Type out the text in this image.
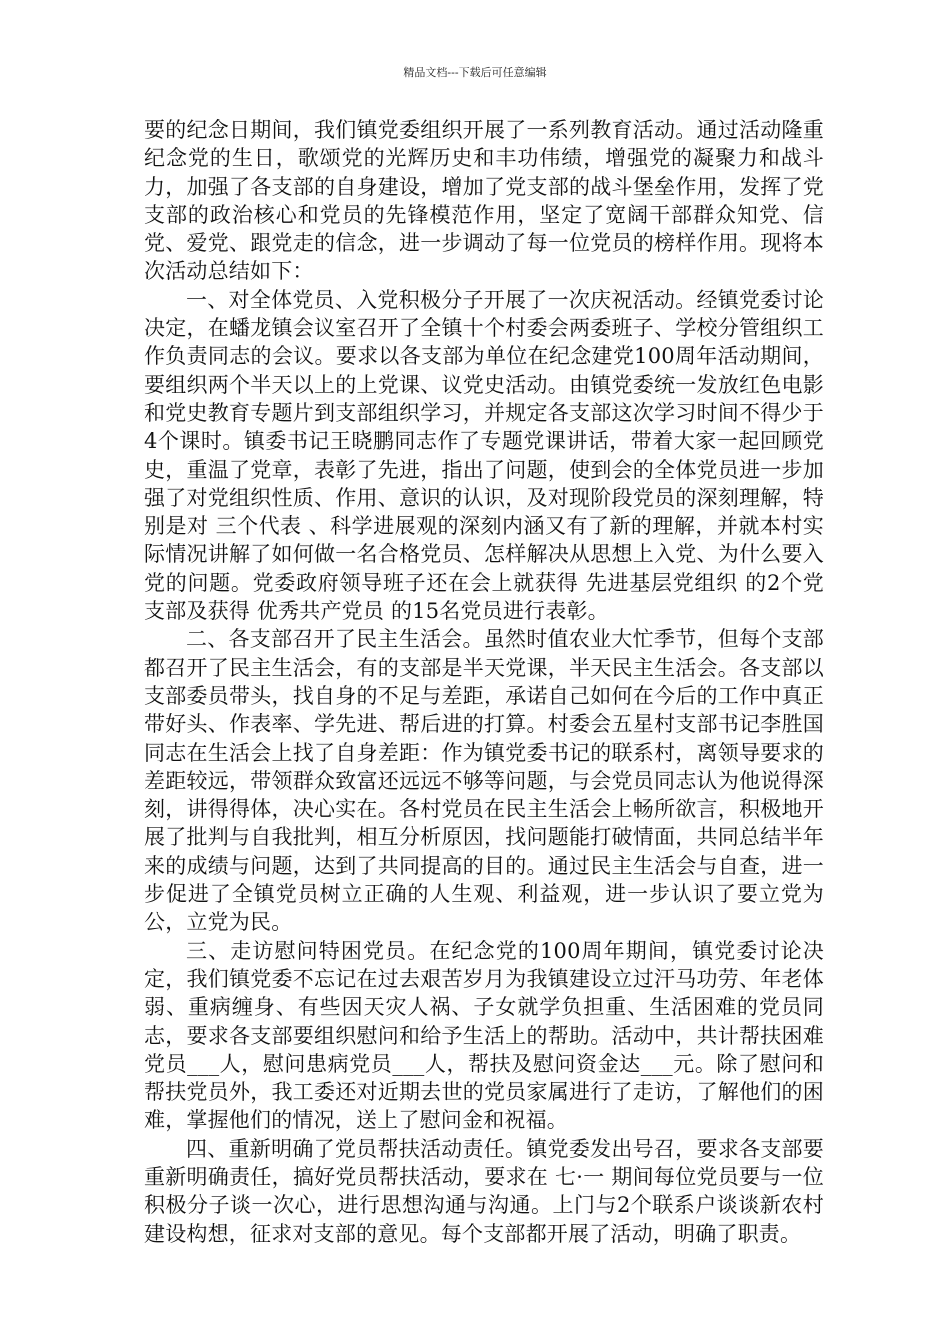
精品文档---下载后可任意编辑

要的纪念日期间，我们镇党委组织开展了一系列教育活动。通过活动隆重纪念党的生日，歌颂党的光辉历史和丰功伟绩，增强党的凝聚力和战斗力，加强了各支部的自身建设，增加了党支部的战斗堡垒作用，发挥了党支部的政治核心和党员的先锋模范作用，坚定了宽阔干部群众知党、信党、爱党、跟党走的信念，进一步调动了每一位党员的榜样作用。现将本次活动总结如下：

一、对全体党员、入党积极分子开展了一次庆祝活动。经镇党委讨论决定，在蟠龙镇会议室召开了全镇十个村委会两委班子、学校分管组织工作负责同志的会议。要求以各支部为单位在纪念建党100周年活动期间，要组织两个半天以上的上党课、议党史活动。由镇党委统一发放红色电影和党史教育专题片到支部组织学习，并规定各支部这次学习时间不得少于4个课时。镇委书记王晓鹏同志作了专题党课讲话，带着大家一起回顾党史，重温了党章，表彰了先进，指出了问题，使到会的全体党员进一步加强了对党组织性质、作用、意识的认识，及对现阶段党员的深刻理解，特别是对 三个代表 、科学进展观的深刻内涵又有了新的理解，并就本村实际情况讲解了如何做一名合格党员、怎样解决从思想上入党、为什么要入党的问题。党委政府领导班子还在会上就获得 先进基层党组织 的2个党支部及获得 优秀共产党员 的15名党员进行表彰。

二、各支部召开了民主生活会。虽然时值农业大忙季节，但每个支部都召开了民主生活会，有的支部是半天党课，半天民主生活会。各支部以支部委员带头，找自身的不足与差距，承诺自己如何在今后的工作中真正带好头、作表率、学先进、帮后进的打算。村委会五星村支部书记李胜国同志在生活会上找了自身差距：作为镇党委书记的联系村，离领导要求的差距较远，带领群众致富还远远不够等问题，与会党员同志认为他说得深刻，讲得得体，决心实在。各村党员在民主生活会上畅所欲言，积极地开展了批判与自我批判，相互分析原因，找问题能打破情面，共同总结半年来的成绩与问题，达到了共同提高的目的。通过民主生活会与自查，进一步促进了全镇党员树立正确的人生观、利益观，进一步认识了要立党为公，立党为民。

三、走访慰问特困党员。在纪念党的100周年期间，镇党委讨论决定，我们镇党委不忘记在过去艰苦岁月为我镇建设立过汗马功劳、年老体弱、重病缠身、有些因天灾人祸、子女就学负担重、生活困难的党员同志，要求各支部要组织慰问和给予生活上的帮助。活动中，共计帮扶困难党员___人，慰问患病党员___人，帮扶及慰问资金达___元。除了慰问和帮扶党员外，我工委还对近期去世的党员家属进行了走访，了解他们的困难，掌握他们的情况，送上了慰问金和祝福。

四、重新明确了党员帮扶活动责任。镇党委发出号召，要求各支部要重新明确责任，搞好党员帮扶活动，要求在 七·一 期间每位党员要与一位积极分子谈一次心，进行思想沟通与沟通。上门与2个联系户谈谈新农村建设构想，征求对支部的意见。每个支部都开展了活动，明确了职责。
